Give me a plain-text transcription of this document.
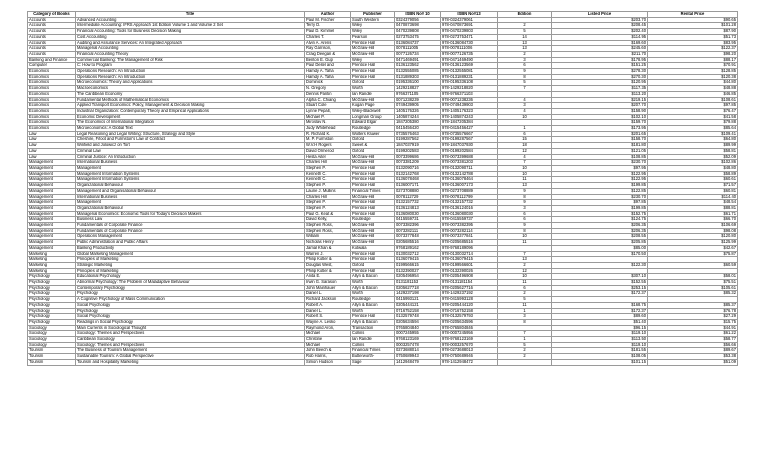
Category of Books	Title	Author	Publisher	ISBN No# 10	ISBN No#13	Edition	Listed Price	Rental Price
Accounts	Advanced Accounting	Paul M. Fischer	South Western	0324379056	978-0324379061		$203.70	$90.65
Accounts	Intermediate Accounting: IFRS Approach 1st Edition Volume 1 and Volume 2 Set	Terry D.	Wiley	0470873698	978-0470873691	2	$208.45	$101.28
Accounts	Financial Accounting: Tools for Business Decision Making	Paul D. Kimmel	Wiley	0470239808	978-0470239803	5	$202.40	$87.90
Accounts	Cost Accounting	Charles T.	Pearson	0273753475	978-0273753471	14	$114.95	$51.73
Accounts	Auditing and Assurance Services: An Integrated Approach	Alvin A. Arens	Prentice Hall	0136084737	978-0136084730	13	$169.60	$83.95
Accounts	Managerial Accounting	Ray Garrison,	McGraw-Hill	0078111005	978-0078111006	13	$245.60	$122.37
Accounts	Financial Accounting Theory	Craig Deegan &	McGraw-Hill	0077126734	978-0077126735	2	$211.70	$98.20
Banking and Finance	Commercial Banking: The Management of Risk	Benton E. Gup	Wiley	0471469491	978-0471469490	3	$178.95	$88.17
Computer	C: How to Program	Paul Deitel and	Prentice Hall	0136123562	978-0136123569	6	$151.25	$70.91
Economics	Operations Research: An Introduction	Hamdy A. Taha	Prentice Hall	0132555085	978-0132555081	9	$278.30	$128.85
Economics	Operations Research: An Introduction	Hamdy A. Taha	Prentice Hall	0131889303	978-0131889231	8	$270.30	$120.38
Economics	Microeconomics: Theory and Applications	Dominick	Oxford	0195336100	978-0195336108	5	$120.95	$44.80
Economics	Macroeconomics	N. Gregory	Worth	1429218827	978-1429218820	7	$117.35	$48.88
Economics	The Caribbean Economy	Dennis Pantin	Ian Randle	9766371105	978-9766371103		$113.20	$46.85
Economics	Fundamental Methods of Mathematical Economics	Alpha C. Chiang	McGraw-Hill	0071238239	978-0071238236	4	$219.15	$108.61
Economics	Applied Transport Economics: Policy, Management & Decision Making	Stuart Cole	Kogan Page	0749439905	978-0749439903	3	$207.70	$97.85
Economics	Industrial Organization: Contemporary Theory and Empirical Applications	Lynne Pepall,	Wiley-Blackwell	1405176326	978-1405176323	4	$158.90	$76.47
Economics	Economic Development	Michael P.	Longman Group	1405874244	978-1405874243	10	$102.10	$41.58
Economics	The Economics of International Integration	Miroslav N.	Edward Elgar	1847205380	978-1847205384		$159.70	$79.88
Economics	Microeconomics: A Global Text	Judy Whitehead	Routledge	0415456420	978-0415456427	1	$173.95	$85.64
Law	Legal Reasoning and Legal Writing: Structure, Strategy and Style	R. Richard K.	Wolters Kluwer	0735576463	978-0735576667	6	$201.65	$109.41
Law	Cheshire, Fifoot and Furmston's Law of Contract	M. P. Furmston	Oxford	0199287562	978-0199287567	15	$158.70	$64.80
Law	Winfield and Jolowicz on Tort	W.V.H Rogers	Sweet &	1847037919	978-1847037930	18	$181.80	$89.99
Law	Criminal Law	David Ormerod	Oxford	0199202583	978-0199202584	12	$121.05	$58.81
Law	Criminal Justice: An Introduction	Hesta Aitel	McGraw-Hill	0073399686	978-0073399688	4	$108.85	$52.09
Management	International Business	Charles Hill	McGraw-Hill	0073381209	978-0073381203	7	$230.70	$102.86
Management	Management	Stephen P.	Prentice Hall	0132090716	978-0132090711	10	$97.95	$48.80
Management	Management Information Systems	Kenneth C.	Prentice Hall	0132142768	978-0132142788	10	$122.95	$58.89
Management	Management Information Systems	Kenneth C.	Prentice Hall	0136078468	978-0136078464	11	$122.95	$60.61
Management	Organizational Behaviour	Stephen P.	Prentice Hall	0136007171	978-0136007173	13	$199.85	$71.57
Management	Management and Organisational Behaviour	Laurie J. Mullins	Financial Times	0273708880	978-0273708889	9	$122.85	$60.81
Management	International Business	Charles Hill	McGraw-Hill	0078112729	978-0078112799	8	$230.70	$114.40
Management	Management	Stephen P.	Prentice Hall	0132157732	978-0132157732	9	$97.85	$48.54
Management	Organizational Behaviour	Stephen P.	Prentice Hall	0136124813	978-0136124016	3	$199.85	$88.81
Management	Managerial Economics: Economic Tools for Today's Decision Makers	Paul G. Keat &	Prentice Hall	0136080030	978-0136080030	6	$152.75	$61.71
Management	Business Law	David Kelly,	Routledge	0415559731	978-0415559737	6	$124.75	$66.70
Management	Fundamentals of Corporate Finance	Stephen Ross,	McGraw-Hill	0073382396	978-0073382395	9	$206.35	$106.69
Management	Fundamentals of Corporate Finance	Stephen Ross,	McGraw-Hill	0073282111	978-0073282114	8	$206.35	$98.08
Management	Operations Management	William	McGraw-Hill	0073377848	978-0073377841	10	$208.55	$120.80
Management	Public Administration and Public Affairs	Nicholas Henry	McGraw-Hill	0205685516	978-0205685516	11	$205.85	$125.99
Management	Banking Productivity	Jamal Khan &	Kotwala	9768189162	978-9768189096		$85.00	$42.67
Marketing	Global Marketing Management	Warren J.	Prentice Hall	0130032712	978-0130032714	7	$170.50	$75.87
Marketing	Principles of Marketing	Philip Kotler &	Prentice Hall	0136079415	978-0136079415	13		
Marketing	Strategic Marketing	Douglas West,	Oxford	0199566615	978-0199566601	2	$122.30	$60.59
Marketing	Principles of Marketing	Philip Kotler &	Prentice Hall	0132390027	978-0132390026	12		
Psychology	Educational Psychology	Anita E.	Allyn & Bacon	0205496954	978-0205496908	10	$307.10	$58.01
Psychology	Abnormal Psychology: The Problem of Maladaptive Behaviour	Irwin G. Sarason	Worth	0131181153	978-0131181154	11	$152.55	$75.51
Psychology	Contemporary Psychology	John Mainhauer	Allyn & Bacon	0205627718	978-0205627716	6	$253.15	$105.61
Psychology	Psychology	Daniel L.	Worth	1429237198	978-1429237192	2	$172.37	$85.32
Psychology	A Cognitive Psychology of Mass Communication	Richard Jackson	Routledge	0415993121	978-0415993128	5		
Psychology	Social Psychology	Robert A.	Allyn & Bacon	0205444121	978-0205444120	11	$168.75	$85.37
Psychology	Psychology	Daniel L.	Worth	0716752158	978-0716752158	1	$172.37	$76.78
Psychology	Social Psychology	Robert S.	Prentice Hall	0132579748	978-0132579793	3	$89.60	$27.29
Psychology	Readings in Social Psychology	Wayne A. Lesko	Allyn & Bacon	0205634594	978-0205634596	8	$51.40	$15.75
Sociology	Main Currents in Sociological Thought	Raymond Aron,	Transaction	0765804840	978-0765804846		$96.15	$44.91
Sociology	Sociology: Themes and Perspectives	Michael	Collins	0007245955	978-0007245956	7	$119.10	$61.22
Sociology	Caribbean Sociology	Christine	Ian Randle	9768123169	978-9768123169	1	$113.50	$58.77
Sociology	Sociology: Themes and Perspectives	Michael	Collins	0003257478	978-0003257670	5	$119.10	$56.66
Tourism	The Business of Tourism Management	John Beech &	Financial Times	0273688014	978-0273688013	2	$181.55	$89.67
Tourism	Sustainable Tourism: A Global Perspective	Rob Harris,	Butterworth-	0750689943	978-0750689946	2	$108.05	$53.38
Tourism	Tourism and Hospitality Marketing	Simon Hudson	Sage	1412948479	978-1412948472		$101.15	$51.09
